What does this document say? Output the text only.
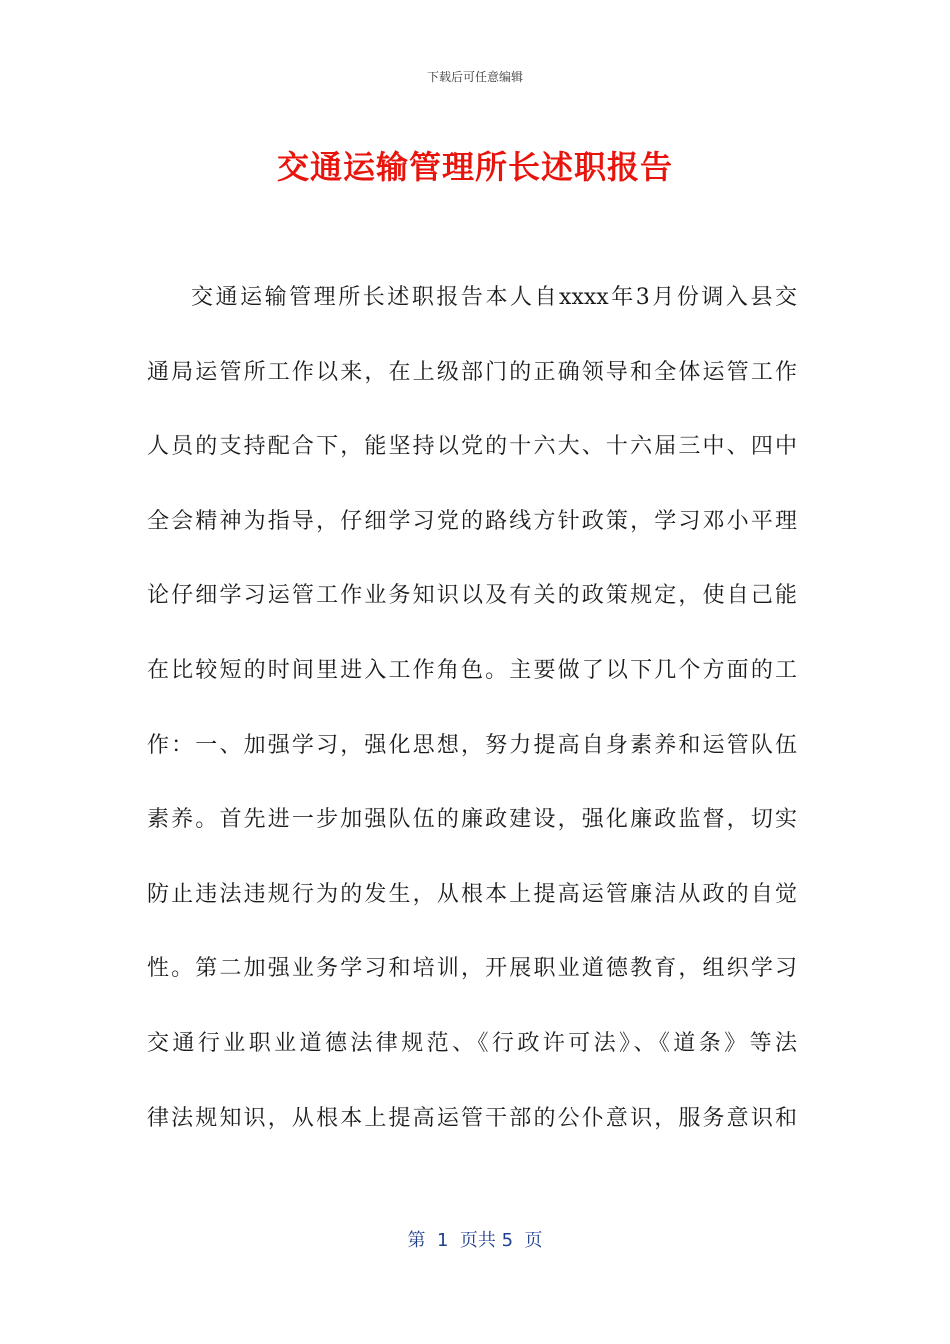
下载后可任意编辑
交通运输管理所长述职报告
交通运输管理所长述职报告本人自xxxx年3月份调入县交
通局运管所工作以来，在上级部门的正确领导和全体运管工作
人员的支持配合下，能坚持以党的十六大、十六届三中、四中
全会精神为指导，仔细学习党的路线方针政策，学习邓小平理
论仔细学习运管工作业务知识以及有关的政策规定，使自己能
在比较短的时间里进入工作角色。主要做了以下几个方面的工
作：一、加强学习，强化思想，努力提高自身素养和运管队伍
素养。首先进一步加强队伍的廉政建设，强化廉政监督，切实
防止违法违规行为的发生，从根本上提高运管廉洁从政的自觉
性。第二加强业务学习和培训，开展职业道德教育，组织学习
交通行业职业道德法律规范、《行政许可法》、《道条》等法
律法规知识，从根本上提高运管干部的公仆意识，服务意识和
第  1  页共 5  页
